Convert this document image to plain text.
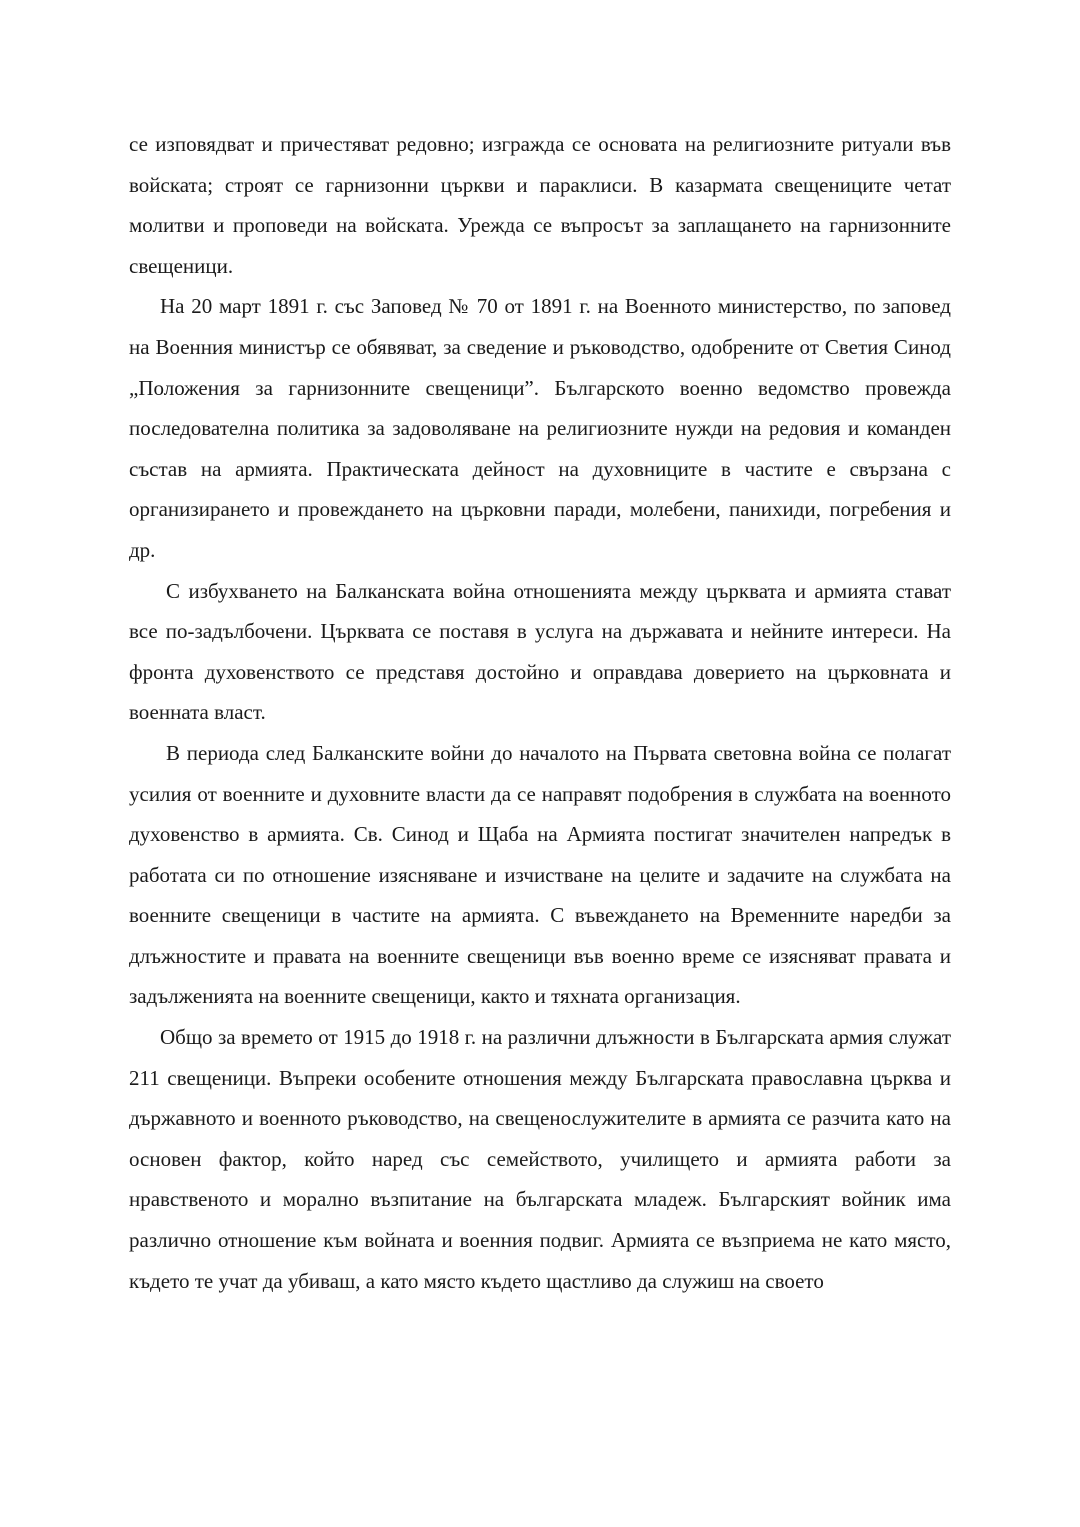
се изповядват и причестяват редовно; изгражда се основата на религиозните ритуали във войската; строят се гарнизонни църкви и параклиси. В казармата свещениците четат молитви и проповеди на войската. Урежда се въпросът за заплащането на гарнизонните свещеници.

На 20 март 1891 г. със Заповед № 70 от 1891 г. на Военното министерство, по заповед на Военния министър се обявяват, за сведение и ръководство, одобрените от Светия Синод „Положения за гарнизонните свещеници”. Българското военно ведомство провежда последователна политика за задоволяване на религиозните нужди на редовия и команден състав на армията. Практическата дейност на духовниците в частите е свързана с организирането и провеждането на църковни паради, молебени, панихиди, погребения и др.

С избухването на Балканската война отношенията между църквата и армията стават все по-задълбочени. Църквата се поставя в услуга на държавата и нейните интереси. На фронта духовенството се представя достойно и оправдава доверието на църковната и военната власт.

В периода след Балканските войни до началото на Първата световна война се полагат усилия от военните и духовните власти да се направят подобрения в службата на военното духовенство в армията. Св. Синод и Щаба на Армията постигат значителен напредък в работата си по отношение изясняване и изчистване на целите и задачите на службата на военните свещеници в частите на армията. С въвеждането на Временните наредби за длъжностите и правата на военните свещеници във военно време се изясняват правата и задълженията на военните свещеници, както и тяхната организация.

Общо за времето от 1915 до 1918 г. на различни длъжности в Българската армия служат 211 свещеници. Въпреки особените отношения между Българската православна църква и държавното и военното ръководство, на свещенослужителите в армията се разчита като на основен фактор, който наред със семейството, училището и армията работи за нравственото и морално възпитание на българската младеж. Българският войник има различно отношение към войната и военния подвиг. Армията се възприема не като място, където те учат да убиваш, а като място където щастливо да служиш на своето
